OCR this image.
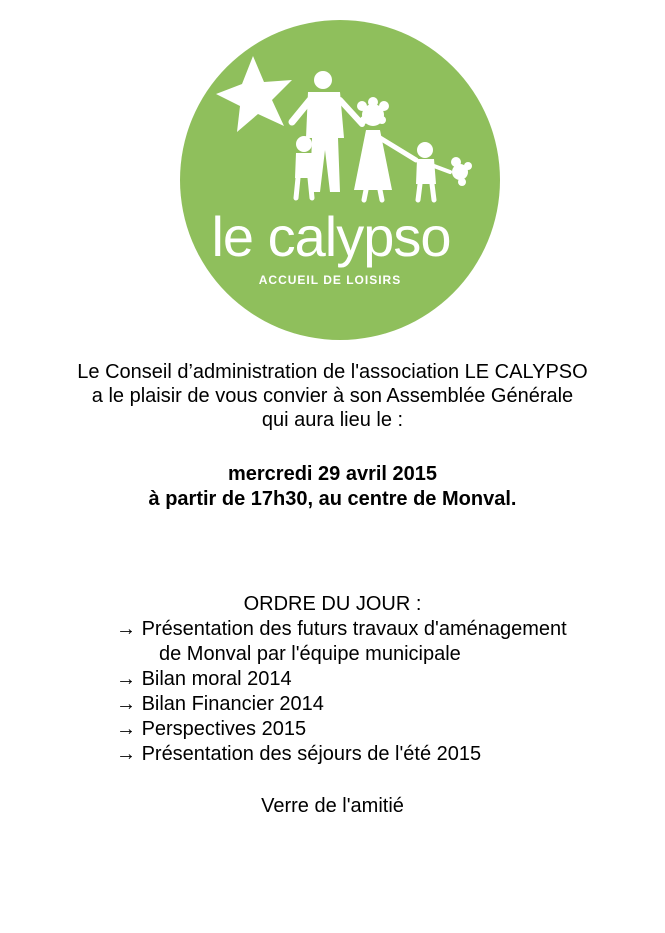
le calypso
ACCUEIL DE LOISIRS
Le Conseil d’administration de l'association LE CALYPSO
a le plaisir de vous convier à son Assemblée Générale
qui aura lieu le :
mercredi 29 avril 2015
à partir de 17h30, au centre de Monval.
ORDRE DU JOUR :
→ Présentation des futurs travaux d'aménagement
de Monval par l'équipe municipale
→ Bilan moral 2014
→ Bilan Financier 2014
→ Perspectives 2015
→ Présentation des séjours de l'été 2015
Verre de l'amitié
